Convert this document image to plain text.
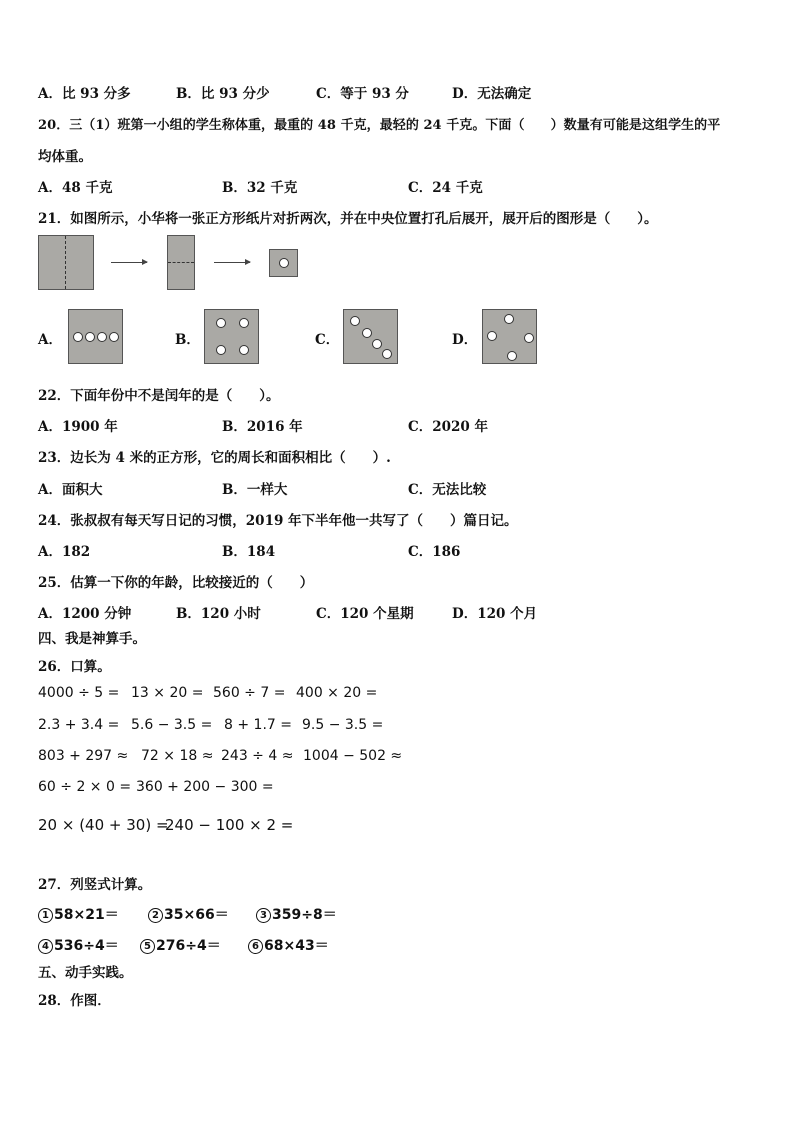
A．比 93 分多	B．比 93 分少	C．等于 93 分	D．无法确定
20．三（1）班第一小组的学生称体重，最重的 48 千克，最轻的 24 千克。下面（　　）数量有可能是这组学生的平
均体重。
A．48 千克	B．32 千克	C．24 千克
21．如图所示，小华将一张正方形纸片对折两次，并在中央位置打孔后展开，展开后的图形是（　　）。
A．	B．	C．	D．
22．下面年份中不是闰年的是（　　）。
A．1900 年	B．2016 年	C．2020 年
23．边长为 4 米的正方形，它的周长和面积相比（　　）.
A．面积大	B．一样大	C．无法比较
24．张叔叔有每天写日记的习惯，2019 年下半年他一共写了（　　）篇日记。
A．182	B．184	C．186
25．估算一下你的年龄，比较接近的（　　）
A．1200 分钟	B．120 小时	C．120 个星期	D．120 个月
四、我是神算手。
26．口算。
4000 ÷ 5 = 13 × 20 = 560 ÷ 7 = 400 × 20 =
2.3 + 3.4 = 5.6 − 3.5 = 8 + 1.7 = 9.5 − 3.5 =
803 + 297 ≈ 72 × 18 ≈ 243 ÷ 4 ≈ 1004 − 502 ≈
60 ÷ 2 × 0 = 360 + 200 − 300 =
20 × (40 + 30) =
240 − 100 × 2 =
27．列竖式计算。
1 58×21＝	2 35×66＝	3 359÷8＝
4 536÷4＝	5 276÷4＝	6 68×43＝
五、动手实践。
28．作图．
